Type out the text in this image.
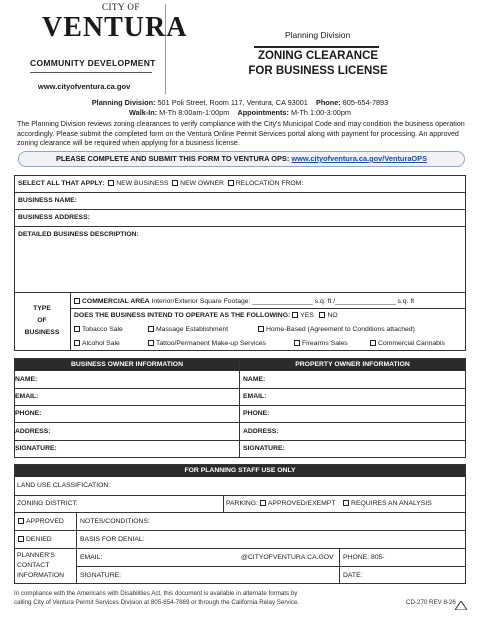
CITY OF
VENTURA
COMMUNITY DEVELOPMENT
www.cityofventura.ca.gov
Planning Division
ZONING CLEARANCE
FOR BUSINESS LICENSE
Planning Division: 501 Poli Street, Room 117, Ventura, CA 93001 Phone: 805-654-7893
Walk-In: M-Th 8:00am-1:00pm Appointments: M-Th 1:00-3:00pm
The Planning Division reviews zoning clearances to verify compliance with the City's Municipal Code and may condition the business operation accordingly. Please submit the completed form on the Ventura Online Permit Services portal along with payment for processing. An approved zoning clearance will be required when applying for a business license.
PLEASE COMPLETE AND SUBMIT THIS FORM TO VENTURA OPS: www.cityofventura.ca.gov/VenturaOPS
SELECT ALL THAT APPLY: NEW BUSINESS NEW OWNER RELOCATION FROM:
BUSINESS NAME:
BUSINESS ADDRESS:
DETAILED BUSINESS DESCRIPTION:
TYPE
OF
BUSINESS
COMMERCIAL AREA Interior/Exterior Square Footage: ________________ s.q. ft /________________ s.q. ft
DOES THE BUSINESS INTEND TO OPERATE AS THE FOLLOWING: YES NO
Tobacco Sale	Massage Establishment	Home-Based (Agreement to Conditions attached)
Alcohol Sale	Tattoo/Permanent Make-up Services	Firearms Sales	Commercial Cannabis
BUSINESS OWNER INFORMATION	PROPERTY OWNER INFORMATION
NAME:	NAME:
EMAIL:	EMAIL:
PHONE:	PHONE:
ADDRESS:	ADDRESS:
SIGNATURE:	SIGNATURE:
FOR PLANNING STAFF USE ONLY
LAND USE CLASSIFICATION:
ZONING DISTRICT:	PARKING: APPROVED/EXEMPT REQUIRES AN ANALYSIS
APPROVED NOTES/CONDITIONS:
DENIED	BASIS FOR DENIAL:
PLANNER'S CONTACT INFORMATION
EMAIL:	@CITYOFVENTURA.CA.GOV PHONE: 805-
SIGNATURE:	DATE:
In compliance with the Americans with Disabilities Act, this document is available in alternate formats by
calling City of Ventura Permit Services Division at 805-654-7869 or through the California Relay Service.	CD-270 REV 8-26
